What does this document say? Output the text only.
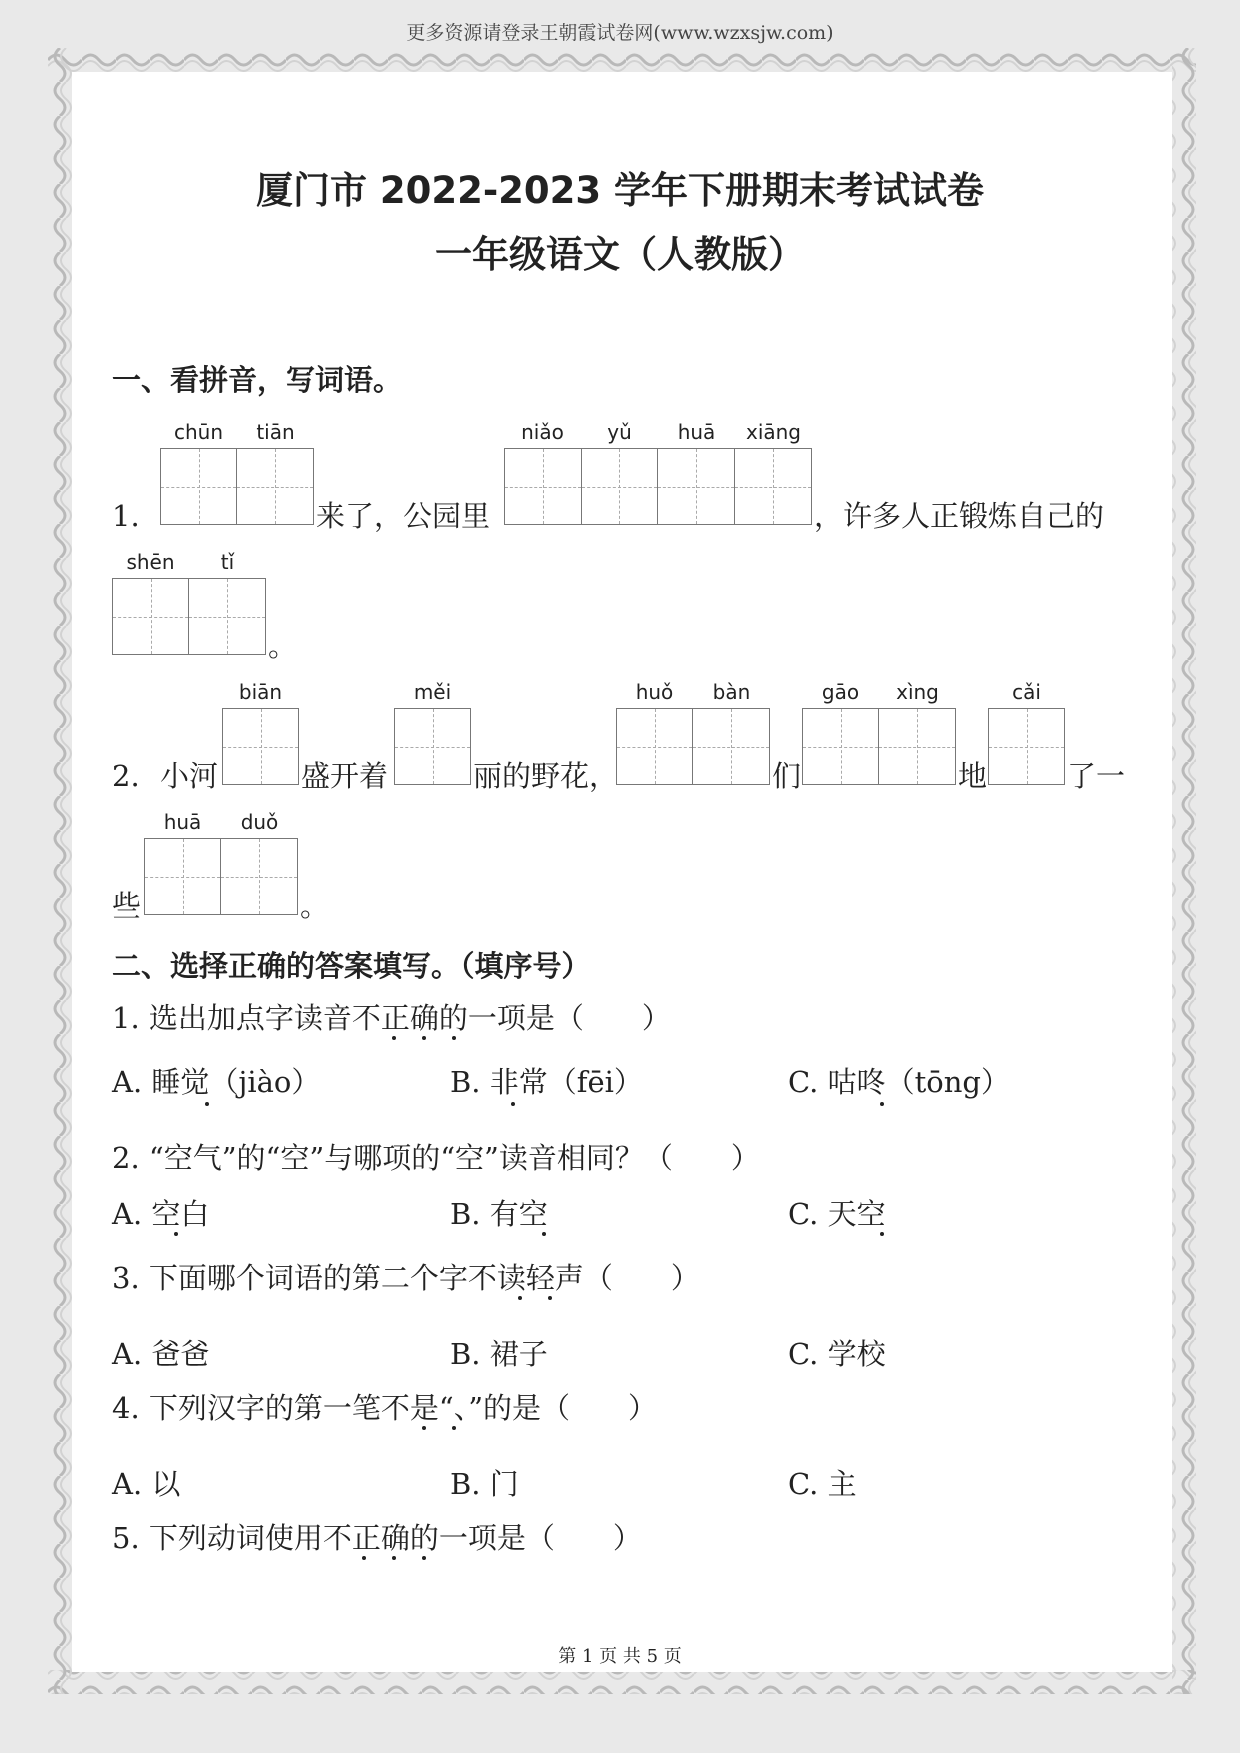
更多资源请登录王朝霞试卷网(www.wzxsjw.com)
厦门市 2022-2023 学年下册期末考试试卷
一年级语文（人教版）
一、看拼音，写词语。
1.
chūn	tiān
来了，公园里
niǎo	yǔ	huā	xiāng
，许多人正锻炼自己的
shēn	tǐ
。
2. 小河
biān
盛开着
měi
丽的野花，
huǒ	bàn
们
gāo	xìng
地
cǎi
了一
些
huā	duǒ
。
二、选择正确的答案填写。（填序号）
1. 选出加点字读音不正确的一项是（　　）
A. 睡觉（jiào）	B. 非常（fēi）	C. 咕咚（tōng）
2. “空气”的“空”与哪项的“空”读音相同？（　　）
A. 空白	B. 有空	C. 天空
3. 下面哪个词语的第二个字不读轻声（　　）
A. 爸爸	B. 裙子	C. 学校
4. 下列汉字的第一笔不是“、”的是（　　）
A. 以	B. 门	C. 主
5. 下列动词使用不正确的一项是（　　）
第 1 页 共 5 页
